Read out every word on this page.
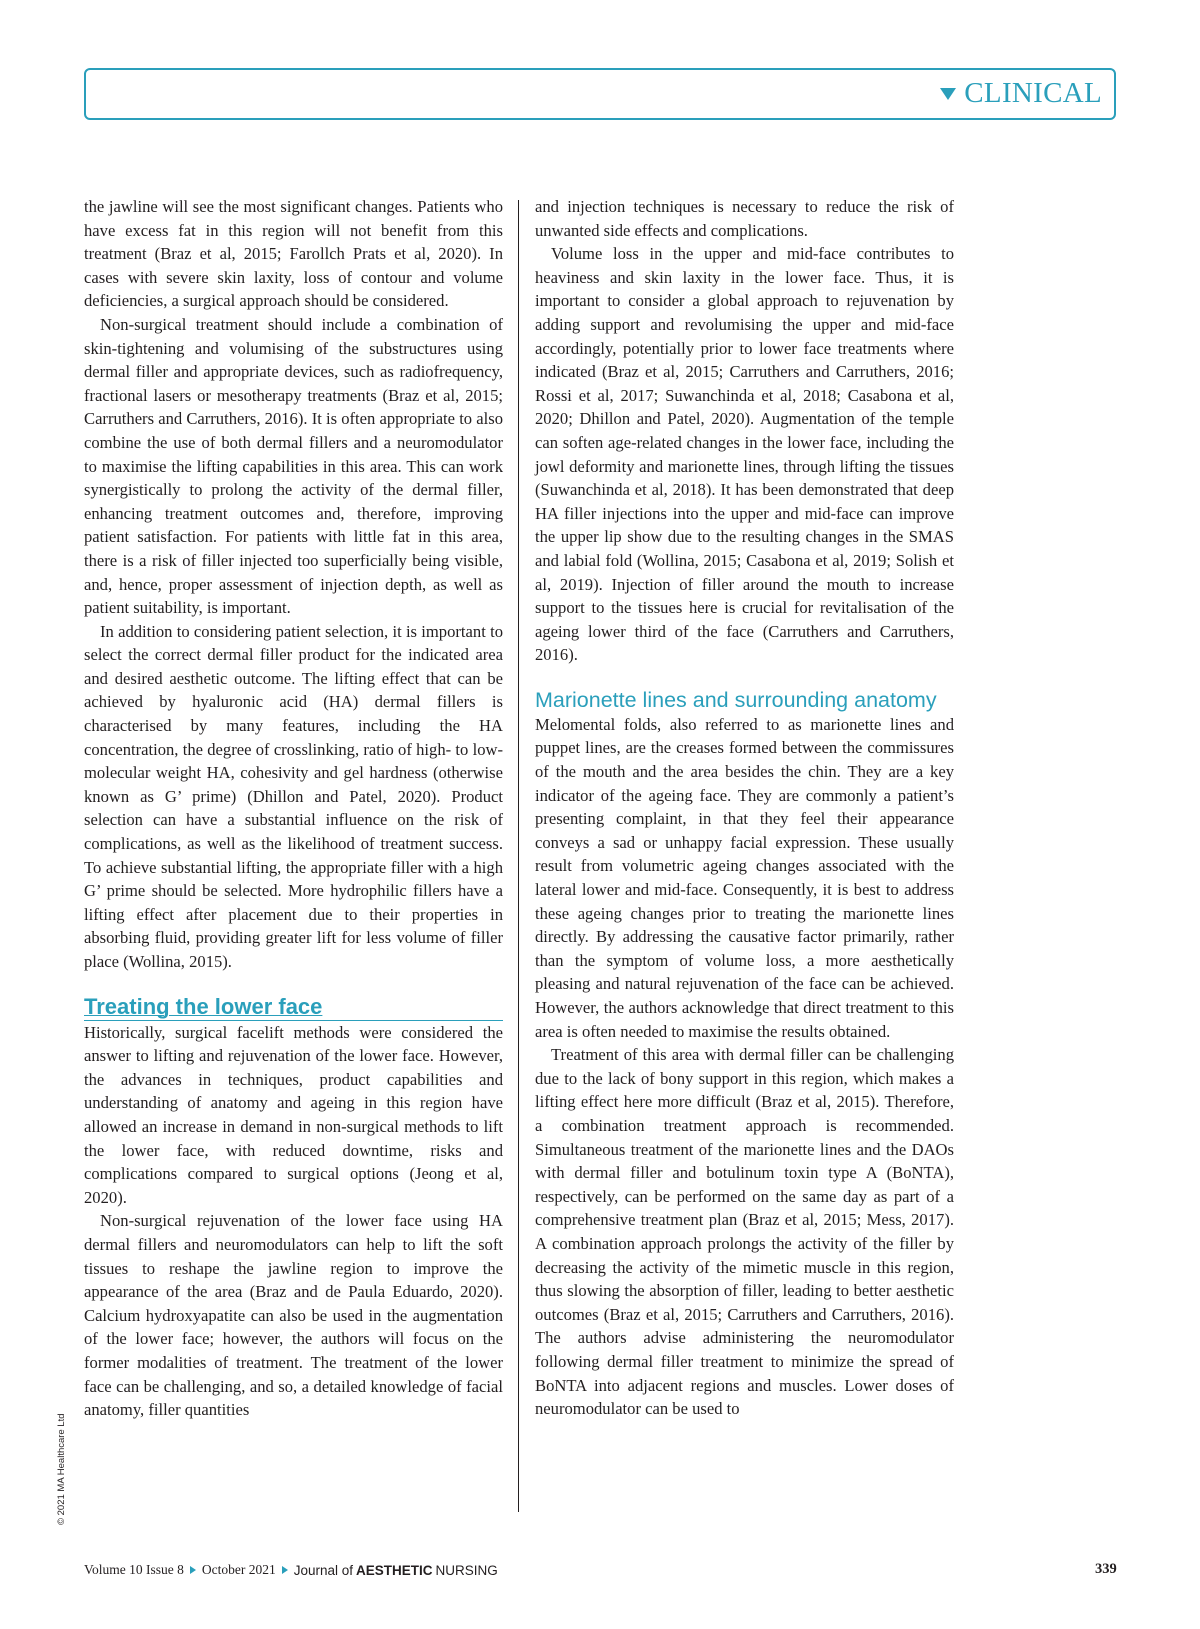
CLINICAL

the jawline will see the most significant changes. Patients who have excess fat in this region will not benefit from this treatment (Braz et al, 2015; Farollch Prats et al, 2020). In cases with severe skin laxity, loss of contour and volume deficiencies, a surgical approach should be considered.

Non-surgical treatment should include a combination of skin-tightening and volumising of the substructures using dermal filler and appropriate devices, such as radiofrequency, fractional lasers or mesotherapy treatments (Braz et al, 2015; Carruthers and Carruthers, 2016). It is often appropriate to also combine the use of both dermal fillers and a neuromodulator to maximise the lifting capabilities in this area. This can work synergistically to prolong the activity of the dermal filler, enhancing treatment outcomes and, therefore, improving patient satisfaction. For patients with little fat in this area, there is a risk of filler injected too superficially being visible, and, hence, proper assessment of injection depth, as well as patient suitability, is important.

In addition to considering patient selection, it is important to select the correct dermal filler product for the indicated area and desired aesthetic outcome. The lifting effect that can be achieved by hyaluronic acid (HA) dermal fillers is characterised by many features, including the HA concentration, the degree of crosslinking, ratio of high- to low-molecular weight HA, cohesivity and gel hardness (otherwise known as G’ prime) (Dhillon and Patel, 2020). Product selection can have a substantial influence on the risk of complications, as well as the likelihood of treatment success. To achieve substantial lifting, the appropriate filler with a high G’ prime should be selected. More hydrophilic fillers have a lifting effect after placement due to their properties in absorbing fluid, providing greater lift for less volume of filler place (Wollina, 2015).

Treating the lower face

Historically, surgical facelift methods were considered the answer to lifting and rejuvenation of the lower face. However, the advances in techniques, product capabilities and understanding of anatomy and ageing in this region have allowed an increase in demand in non-surgical methods to lift the lower face, with reduced downtime, risks and complications compared to surgical options (Jeong et al, 2020).

Non-surgical rejuvenation of the lower face using HA dermal fillers and neuromodulators can help to lift the soft tissues to reshape the jawline region to improve the appearance of the area (Braz and de Paula Eduardo, 2020). Calcium hydroxyapatite can also be used in the augmentation of the lower face; however, the authors will focus on the former modalities of treatment. The treatment of the lower face can be challenging, and so, a detailed knowledge of facial anatomy, filler quantities

and injection techniques is necessary to reduce the risk of unwanted side effects and complications.

Volume loss in the upper and mid-face contributes to heaviness and skin laxity in the lower face. Thus, it is important to consider a global approach to rejuvenation by adding support and revolumising the upper and mid-face accordingly, potentially prior to lower face treatments where indicated (Braz et al, 2015; Carruthers and Carruthers, 2016; Rossi et al, 2017; Suwanchinda et al, 2018; Casabona et al, 2020; Dhillon and Patel, 2020). Augmentation of the temple can soften age-related changes in the lower face, including the jowl deformity and marionette lines, through lifting the tissues (Suwanchinda et al, 2018). It has been demonstrated that deep HA filler injections into the upper and mid-face can improve the upper lip show due to the resulting changes in the SMAS and labial fold (Wollina, 2015; Casabona et al, 2019; Solish et al, 2019). Injection of filler around the mouth to increase support to the tissues here is crucial for revitalisation of the ageing lower third of the face (Carruthers and Carruthers, 2016).

Marionette lines and surrounding anatomy

Melomental folds, also referred to as marionette lines and puppet lines, are the creases formed between the commissures of the mouth and the area besides the chin. They are a key indicator of the ageing face. They are commonly a patient’s presenting complaint, in that they feel their appearance conveys a sad or unhappy facial expression. These usually result from volumetric ageing changes associated with the lateral lower and mid-face. Consequently, it is best to address these ageing changes prior to treating the marionette lines directly. By addressing the causative factor primarily, rather than the symptom of volume loss, a more aesthetically pleasing and natural rejuvenation of the face can be achieved. However, the authors acknowledge that direct treatment to this area is often needed to maximise the results obtained.

Treatment of this area with dermal filler can be challenging due to the lack of bony support in this region, which makes a lifting effect here more difficult (Braz et al, 2015). Therefore, a combination treatment approach is recommended. Simultaneous treatment of the marionette lines and the DAOs with dermal filler and botulinum toxin type A (BoNTA), respectively, can be performed on the same day as part of a comprehensive treatment plan (Braz et al, 2015; Mess, 2017). A combination approach prolongs the activity of the filler by decreasing the activity of the mimetic muscle in this region, thus slowing the absorption of filler, leading to better aesthetic outcomes (Braz et al, 2015; Carruthers and Carruthers, 2016). The authors advise administering the neuromodulator following dermal filler treatment to minimize the spread of BoNTA into adjacent regions and muscles. Lower doses of neuromodulator can be used to

© 2021 MA Healthcare Ltd
Volume 10 Issue 8 October 2021 Journal of AESTHETIC NURSING	339
